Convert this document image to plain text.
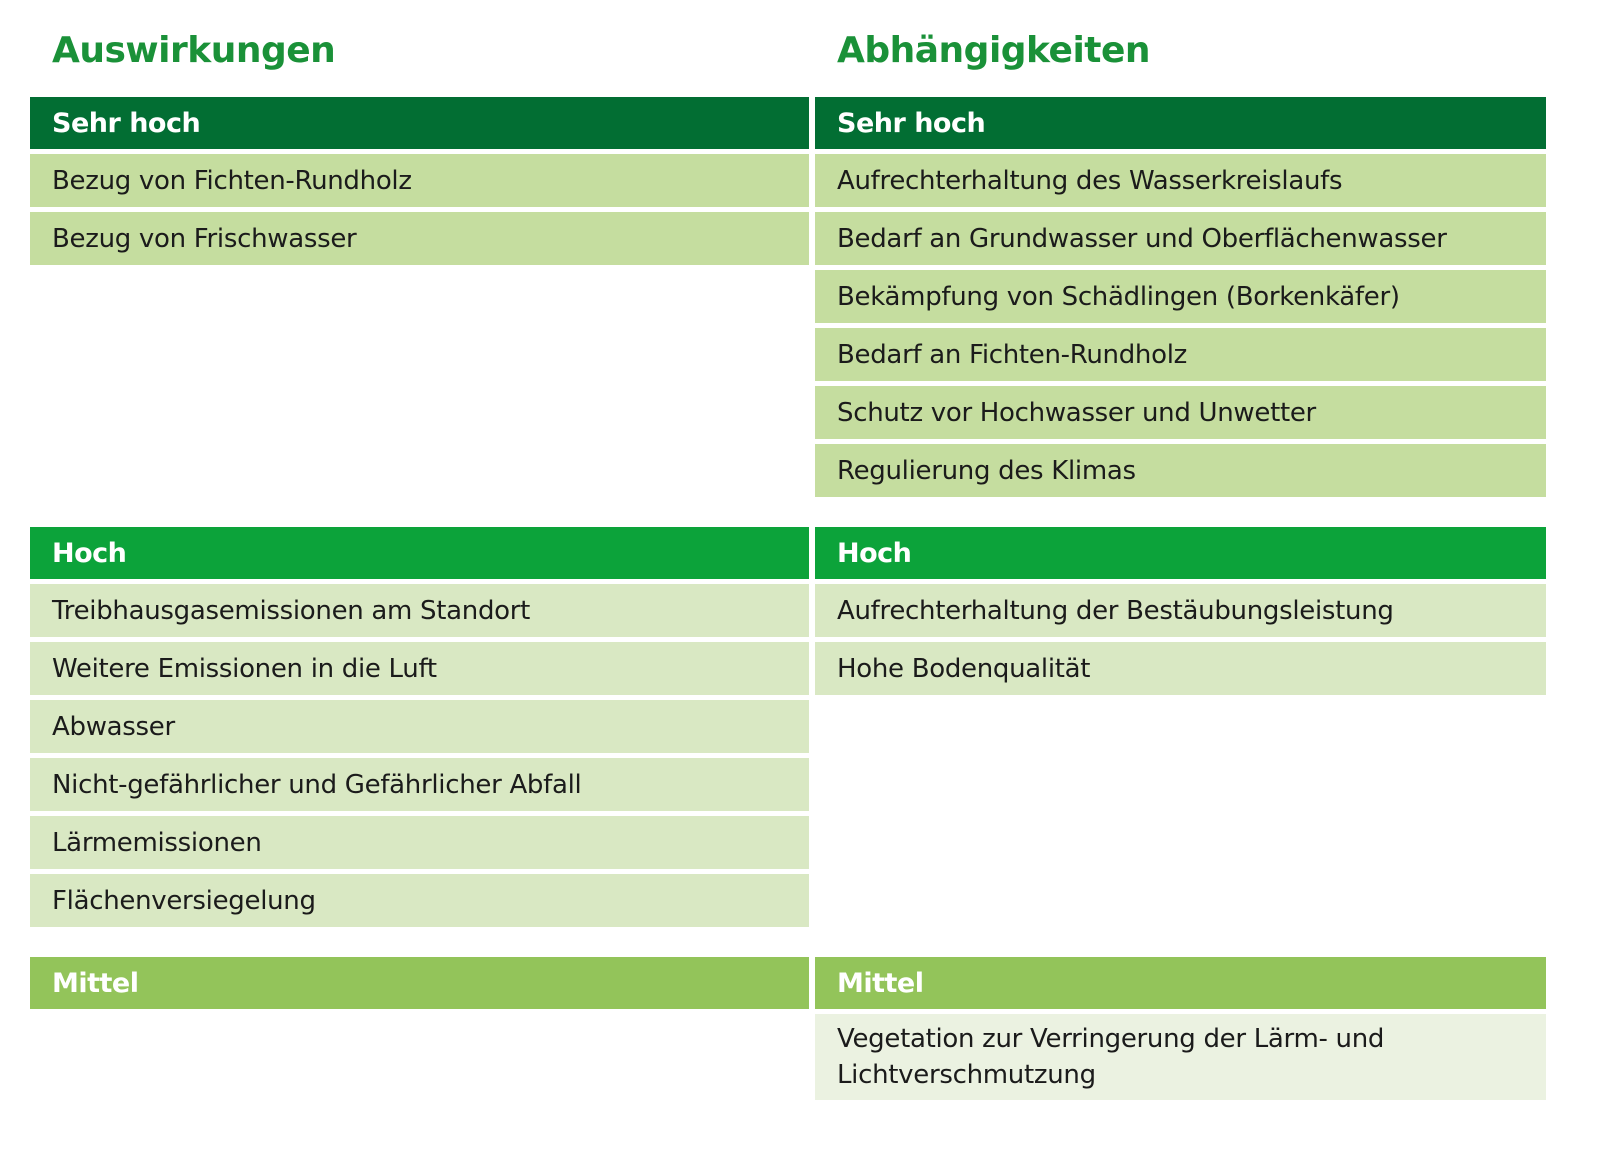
Auswirkungen
Sehr hoch
Bezug von Fichten-Rundholz
Bezug von Frischwasser
Hoch
Treibhausgasemissionen am Standort
Weitere Emissionen in die Luft
Abwasser
Nicht-gefährlicher und Gefährlicher Abfall
Lärmemissionen
Flächenversiegelung
Mittel
Abhängigkeiten
Sehr hoch
Aufrechterhaltung des Wasserkreislaufs
Bedarf an Grundwasser und Oberflächenwasser
Bekämpfung von Schädlingen (Borkenkäfer)
Bedarf an Fichten-Rundholz
Schutz vor Hochwasser und Unwetter
Regulierung des Klimas
Hoch
Aufrechterhaltung der Bestäubungsleistung
Hohe Bodenqualität
Mittel
Vegetation zur Verringerung der Lärm- und Lichtverschmutzung
